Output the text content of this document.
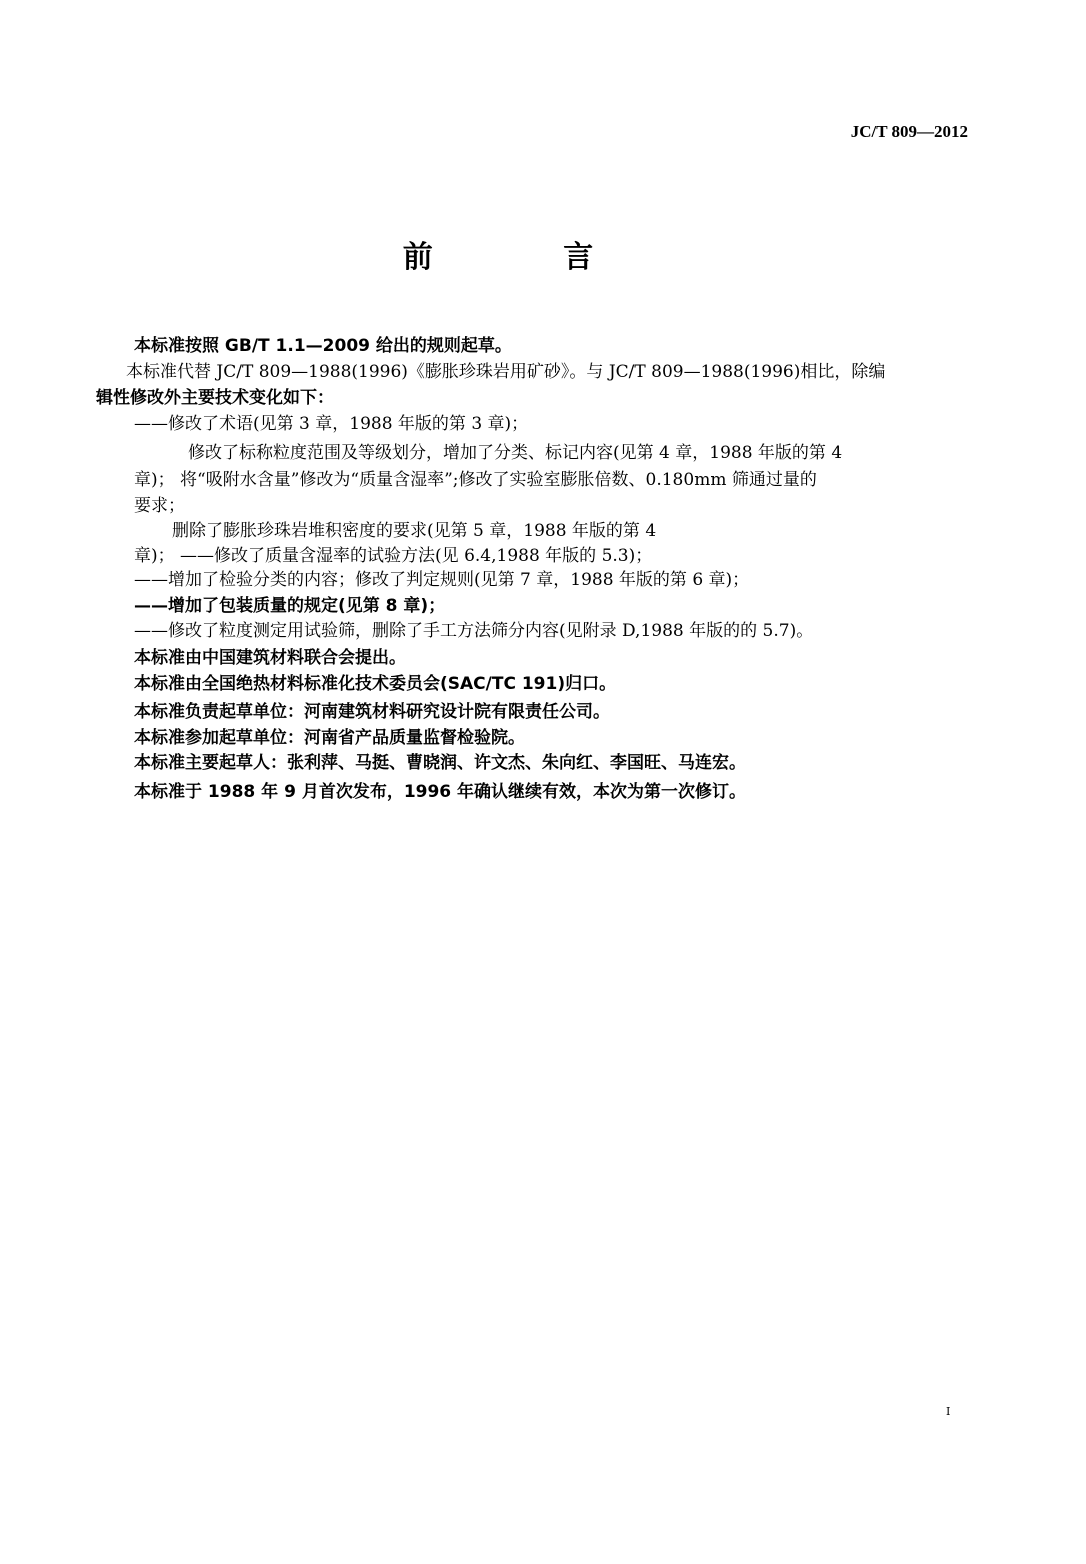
JC/T 809—2012
前 言
本标准按照 GB/T 1.1—2009 给出的规则起草。
本标准代替 JC/T 809—1988(1996)《膨胀珍珠岩用矿砂》。与 JC/T 809—1988(1996)相比，除编
辑性修改外主要技术变化如下：
——修改了术语(见第 3 章，1988 年版的第 3 章)；
修改了标称粒度范围及等级划分，增加了分类、标记内容(见第 4 章，1988 年版的第 4
章)； 将“吸附水含量”修改为“质量含湿率”;修改了实验室膨胀倍数、0.180mm 筛通过量的
要求；
删除了膨胀珍珠岩堆积密度的要求(见第 5 章，1988 年版的第 4
章)； ——修改了质量含湿率的试验方法(见 6.4,1988 年版的 5.3)；
——增加了检验分类的内容；修改了判定规则(见第 7 章，1988 年版的第 6 章)；
——增加了包装质量的规定(见第 8 章)；
——修改了粒度测定用试验筛，删除了手工方法筛分内容(见附录 D,1988 年版的的 5.7)。
本标准由中国建筑材料联合会提出。
本标准由全国绝热材料标准化技术委员会(SAC/TC 191)归口。
本标准负责起草单位：河南建筑材料研究设计院有限责任公司。
本标准参加起草单位：河南省产品质量监督检验院。
本标准主要起草人：张利萍、马挺、曹晓润、许文杰、朱向红、李国旺、马连宏。
本标准于 1988 年 9 月首次发布，1996 年确认继续有效，本次为第一次修订。
I
